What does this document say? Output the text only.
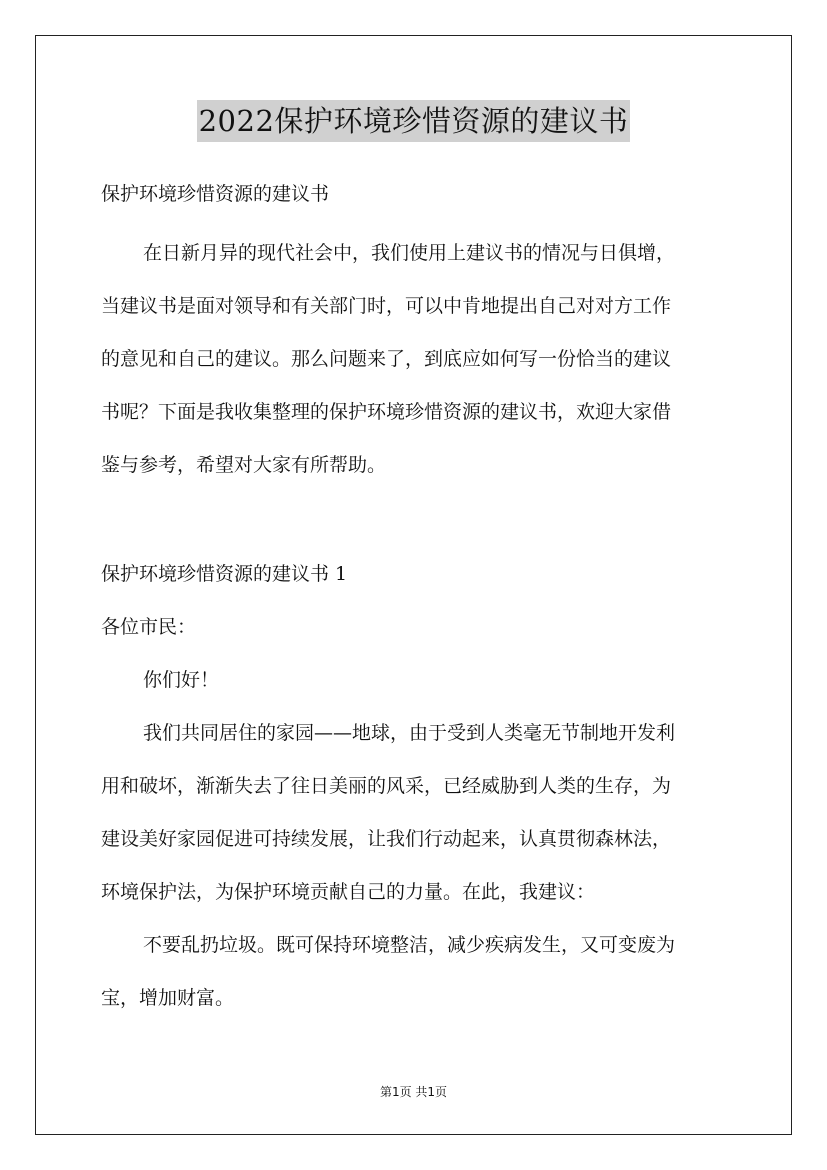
2022保护环境珍惜资源的建议书
保护环境珍惜资源的建议书
在日新月异的现代社会中，我们使用上建议书的情况与日俱增，
当建议书是面对领导和有关部门时，可以中肯地提出自己对对方工作
的意见和自己的建议。那么问题来了，到底应如何写一份恰当的建议
书呢？下面是我收集整理的保护环境珍惜资源的建议书，欢迎大家借
鉴与参考，希望对大家有所帮助。
保护环境珍惜资源的建议书 1
各位市民：
你们好！
我们共同居住的家园——地球，由于受到人类毫无节制地开发利
用和破坏，渐渐失去了往日美丽的风采，已经威胁到人类的生存，为
建设美好家园促进可持续发展，让我们行动起来，认真贯彻森林法，
环境保护法，为保护环境贡献自己的力量。在此，我建议：
不要乱扔垃圾。既可保持环境整洁，减少疾病发生，又可变废为
宝，增加财富。
第1页 共1页
